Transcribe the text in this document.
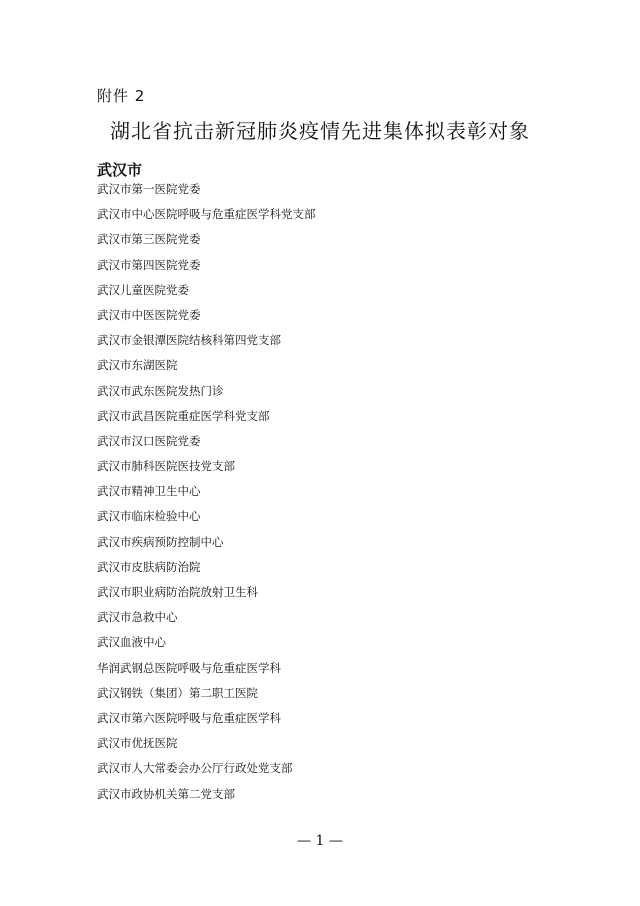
附件 2
湖北省抗击新冠肺炎疫情先进集体拟表彰对象
武汉市
武汉市第一医院党委
武汉市中心医院呼吸与危重症医学科党支部
武汉市第三医院党委
武汉市第四医院党委
武汉儿童医院党委
武汉市中医医院党委
武汉市金银潭医院结核科第四党支部
武汉市东湖医院
武汉市武东医院发热门诊
武汉市武昌医院重症医学科党支部
武汉市汉口医院党委
武汉市肺科医院医技党支部
武汉市精神卫生中心
武汉市临床检验中心
武汉市疾病预防控制中心
武汉市皮肤病防治院
武汉市职业病防治院放射卫生科
武汉市急救中心
武汉血液中心
华润武钢总医院呼吸与危重症医学科
武汉钢铁（集团）第二职工医院
武汉市第六医院呼吸与危重症医学科
武汉市优抚医院
武汉市人大常委会办公厅行政处党支部
武汉市政协机关第二党支部
— 1 —
